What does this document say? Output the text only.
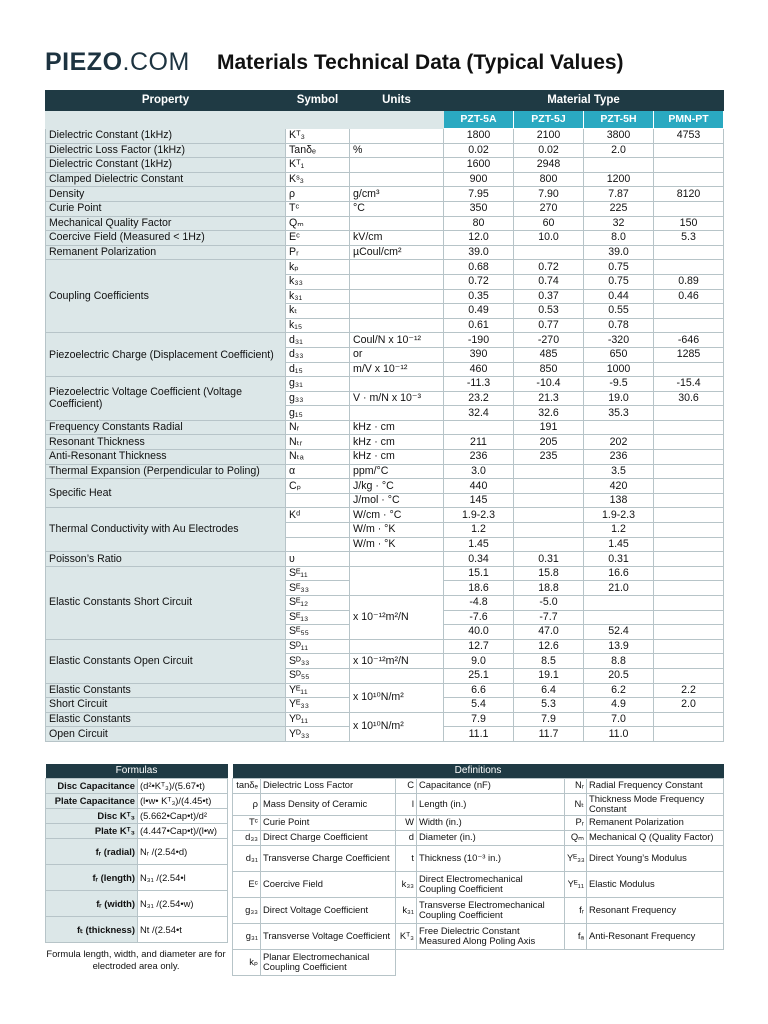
PIEZO.COM Materials Technical Data (Typical Values)
Property	Symbol	Units	Material Type			
			PZT-5A	PZT-5J	PZT-5H	PMN-PT
Dielectric Constant (1kHz)	Kᵀ₃		1800	2100	3800	4753
Dielectric Loss Factor (1kHz)	Tanδₑ	%	0.02	0.02	2.0	
Dielectric Constant (1kHz)	Kᵀ₁		1600	2948		
Clamped Dielectric Constant	Kˢ₃		900	800	1200	
Density	ρ	g/cm³	7.95	7.90	7.87	8120
Curie Point	Tᶜ	°C	350	270	225	
Mechanical Quality Factor	Qₘ		80	60	32	150
Coercive Field (Measured < 1Hz)	Eᶜ	kV/cm	12.0	10.0	8.0	5.3
Remanent Polarization	Pᵣ	µCoul/cm²	39.0		39.0	
Coupling Coefficients	kₚ		0.68	0.72	0.75	
	k₃₃		0.72	0.74	0.75	0.89
	k₃₁		0.35	0.37	0.44	0.46
	kₜ		0.49	0.53	0.55	
	k₁₅		0.61	0.77	0.78	
Piezoelectric Charge (Displacement Coefficient)	d₃₁	Coul/N x 10⁻¹²	-190	-270	-320	-646
	d₃₃	or	390	485	650	1285
	d₁₅	m/V x 10⁻¹²	460	850	1000	
Piezoelectric Voltage Coefficient (Voltage Coefficient)	g₃₁		-11.3	-10.4	-9.5	-15.4
	g₃₃	V · m/N x 10⁻³	23.2	21.3	19.0	30.6
	g₁₅		32.4	32.6	35.3	
Frequency Constants Radial	Nᵣ	kHz · cm		191		
Resonant Thickness	Nₜᵣ	kHz · cm	211	205	202	
Anti-Resonant Thickness	Nₜₐ	kHz · cm	236	235	236	
Thermal Expansion (Perpendicular to Poling)	α	ppm/°C	3.0		3.5	
Specific Heat	Cₚ	J/kg · °C	440		420	
		J/mol · °C	145		138	
Thermal Conductivity with Au Electrodes	Kᵈ	W/cm · °C	1.9-2.3		1.9-2.3	
		W/m · °K	1.2		1.2	
		W/m · °K	1.45		1.45	
Poisson’s Ratio	υ		0.34	0.31	0.31	
Elastic Constants Short Circuit	Sᴱ₁₁		15.1	15.8	16.6	
	Sᴱ₃₃		18.6	18.8	21.0	
	Sᴱ₁₂	x 10⁻¹²m²/N	-4.8	-5.0		
	Sᴱ₁₃		-7.6	-7.7		
	Sᴱ₅₅		40.0	47.0	52.4	
Elastic Constants Open Circuit	Sᴰ₁₁		12.7	12.6	13.9	
	Sᴰ₃₃	x 10⁻¹²m²/N	9.0	8.5	8.8	
	Sᴰ₅₅		25.1	19.1	20.5	
Elastic Constants	Yᴱ₁₁	x 10¹⁰N/m²	6.6	6.4	6.2	2.2
Short Circuit	Yᴱ₃₃		5.4	5.3	4.9	2.0
Elastic Constants	Yᴰ₁₁	x 10¹⁰N/m²	7.9	7.9	7.0	
Open Circuit	Yᴰ₃₃		11.1	11.7	11.0	
Formulas	
Disc Capacitance	(d²•Kᵀ₃)/(5.67•t)
Plate Capacitance	(l•w• Kᵀ₃)/(4.45•t)
Disc Kᵀ₃	(5.662•Cap•t)/d²
Plate Kᵀ₃	(4.447•Cap•t)/(l•w)
fᵣ (radial)	Nᵣ /(2.54•d)
fᵣ (length)	N₃₁ /(2.54•l
fᵣ (width)	N₃₁ /(2.54•w)
fₜ (thickness)	Nt /(2.54•t
Formula length, width, and diameter are for electroded area only.
Definitions					
tanδₑ	Dielectric Loss Factor	C	Capacitance (nF)	Nᵣ	Radial Frequency Constant
ρ	Mass Density of Ceramic	l	Length (in.)	Nₜ	Thickness Mode Frequency Constant
Tᶜ	Curie Point	W	Width (in.)	Pᵣ	Remanent Polarization
d₃₃	Direct Charge Coefficient	d	Diameter (in.)	Qₘ	Mechanical Q (Quality Factor)
d₃₁	Transverse Charge Coefficient	t	Thickness (10⁻³ in.)	Yᴱ₃₃	Direct Young’s Modulus
Eᶜ	Coercive Field	k₃₃	Direct Electromechanical Coupling Coefficient	Yᴱ₁₁	Elastic Modulus
g₃₃	Direct Voltage Coefficient	k₃₁	Transverse Electromechanical Coupling Coefficient	fᵣ	Resonant Frequency
g₃₁	Transverse Voltage Coefficient	Kᵀ₃	Free Dielectric Constant Measured Along Poling Axis	fₐ	Anti-Resonant Frequency
kₚ	Planar Electromechanical Coupling Coefficient				
